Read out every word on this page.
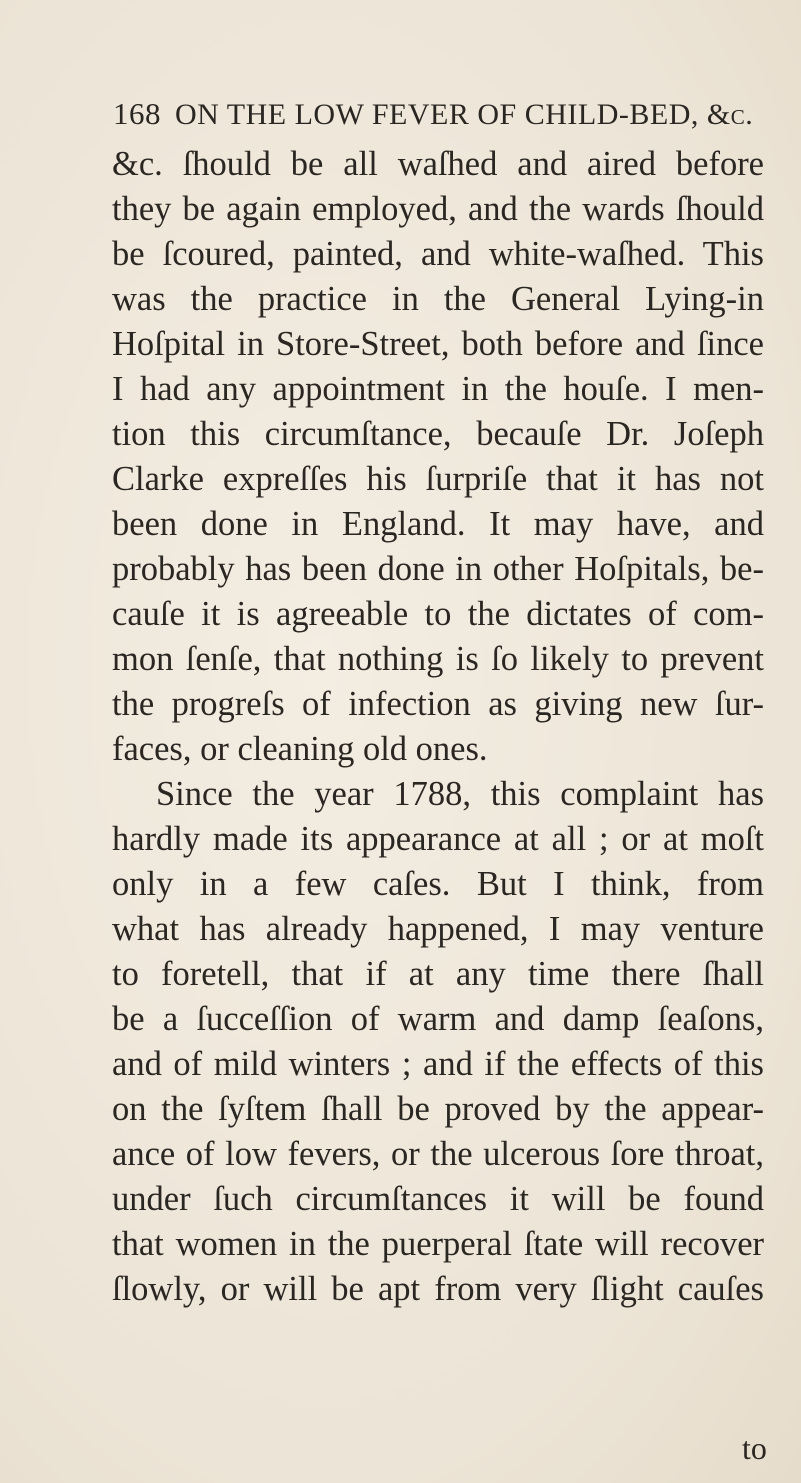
168 ON THE LOW FEVER OF CHILD-BED, &c.
&c. ſhould be all waſhed and aired before
they be again employed, and the wards ſhould
be ſcoured, painted, and white-waſhed. This
was the practice in the General Lying-in
Hoſpital in Store-Street, both before and ſince
I had any appointment in the houſe. I men-
tion this circumſtance, becauſe Dr. Joſeph
Clarke expreſſes his ſurpriſe that it has not
been done in England. It may have, and
probably has been done in other Hoſpitals, be-
cauſe it is agreeable to the dictates of com-
mon ſenſe, that nothing is ſo likely to prevent
the progreſs of infection as giving new ſur-
faces, or cleaning old ones.
Since the year 1788, this complaint has
hardly made its appearance at all ; or at moſt
only in a few caſes. But I think, from
what has already happened, I may venture
to foretell, that if at any time there ſhall
be a ſucceſſion of warm and damp ſeaſons,
and of mild winters ; and if the effects of this
on the ſyſtem ſhall be proved by the appear-
ance of low fevers, or the ulcerous ſore throat,
under ſuch circumſtances it will be found
that women in the puerperal ſtate will recover
ſlowly, or will be apt from very ſlight cauſes
to
